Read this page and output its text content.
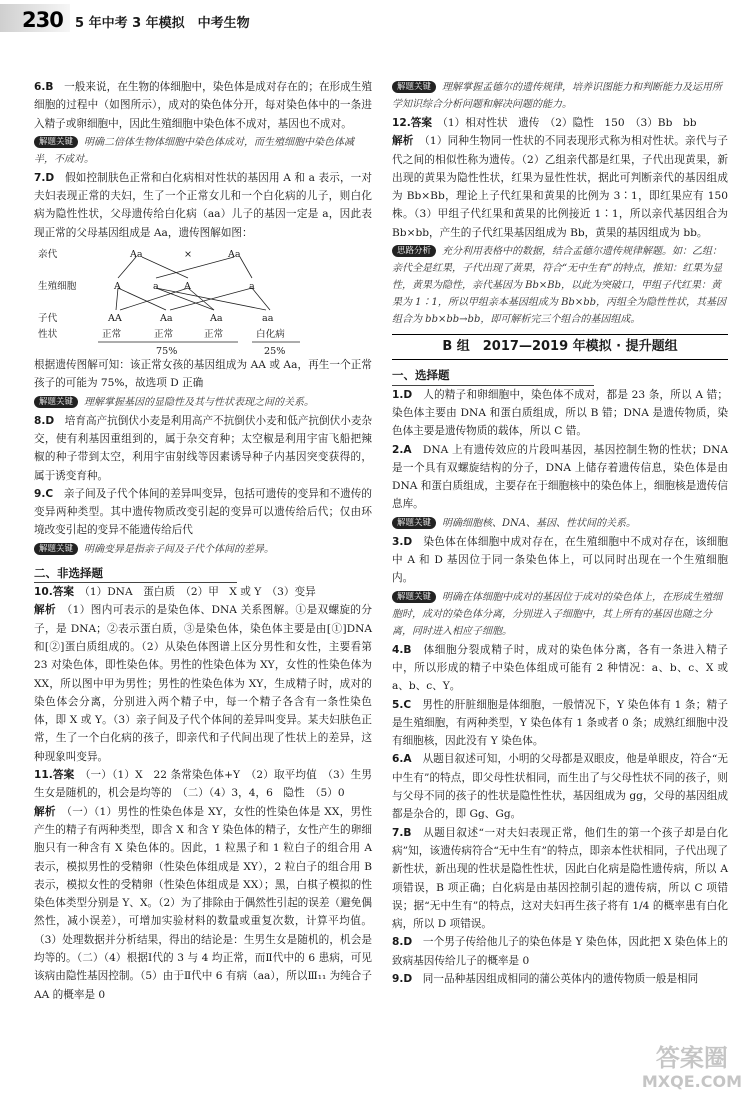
230 5 年中考 3 年模拟　中考生物

6.B　 一般来说，在生物的体细胞中，染色体是成对存在的；在形成生殖细胞的过程中（如图所示），成对的染色体分开，每对染色体中的一条进入精子或卵细胞中，因此生殖细胞中染色体不成对，基因也不成对。

解题关键 明确二倍体生物体细胞中染色体成对，而生殖细胞中染色体减半，不成对。

7.D　 假如控制肤色正常和白化病相对性状的基因用 A 和 a 表示，一对夫妇表现正常的夫妇，生了一个正常女儿和一个白化病的儿子，则白化病为隐性性状，父母遗传给白化病（aa）儿子的基因一定是 a，因此表现正常的父母基因组成是 Aa，遗传图解如图：

亲代	Aa	×	Aa
生殖细胞	A	a	A	a
子代	AA	Aa	Aa	aa
性状	正常	正常	正常	白化病
75%	25%

根据遗传图解可知：该正常女孩的基因组成为 AA 或 Aa，再生一个正常孩子的可能为 75%，故选项 D 正确

解题关键 理解掌握基因的显隐性及其与性状表现之间的关系。

8.D　 培育高产抗倒伏小麦是利用高产不抗倒伏小麦和低产抗倒伏小麦杂交，使有利基因重组到的，属于杂交育种；太空椒是利用宇宙飞船把辣椒的种子带到太空，利用宇宙射线等因素诱导种子内基因突变获得的，属于诱变育种。

9.C　 亲子间及子代个体间的差异叫变异，包括可遗传的变异和不遗传的变异两种类型。其中遗传物质改变引起的变异可以遗传给后代；仅由环境改变引起的变异不能遗传给后代

解题关键 明确变异是指亲子间及子代个体间的差异。

二、非选择题

10.答案　 （1）DNA　蛋白质　（2）甲　X 或 Y　（3）变异

解析　 （1）图内可表示的是染色体、DNA 关系图解。①是双螺旋的分子，是 DNA；②表示蛋白质，③是染色体，染色体主要是由[①]DNA 和[②]蛋白质组成的。（2）从染色体图谱上区分男性和女性，主要看第 23 对染色体，即性染色体。男性的性染色体为 XY，女性的性染色体为 XX，所以图中甲为男性；男性的性染色体为 XY，生成精子时，成对的染色体会分离，分别进入两个精子中，每一个精子各含有一条性染色体，即 X 或 Y。（3）亲子间及子代个体间的差异叫变异。某夫妇肤色正常，生了一个白化病的孩子，即亲代和子代间出现了性状上的差异，这种现象叫变异。

11.答案　 （一）（1）X　22 条常染色体+Y　（2）取平均值　（3）生男生女是随机的，机会是均等的　（二）（4）3，4，6　隐性　（5）0

解析　 （一）（1）男性的性染色体是 XY，女性的性染色体是 XX，男性产生的精子有两种类型，即含 X 和含 Y 染色体的精子，女性产生的卵细胞只有一种含有 X 染色体的。因此，1 粒黑子和 1 粒白子的组合用 A 表示，模拟男性的受精卵（性染色体组成是 XY），2 粒白子的组合用 B 表示，模拟女性的受精卵（性染色体组成是 XX）；黑，白棋子模拟的性染色体类型分别是 Y、X。（2）为了排除由于偶然性引起的误差（避免偶然性，减小误差），可增加实验材料的数量或重复次数，计算平均值。（3）处理数据并分析结果，得出的结论是：生男生女是随机的，机会是均等的。（二）（4）根据Ⅰ代的 3 与 4 均正常，而Ⅱ代中的 6 患病，可见该病由隐性基因控制。（5）由于Ⅱ代中 6 有病（aa），所以Ⅲ₁₁ 为纯合子 AA 的概率是 0

解题关键 理解掌握孟德尔的遗传规律，培养识图能力和判断能力及运用所学知识综合分析问题和解决问题的能力。

12.答案　 （1）相对性状　遗传　（2）隐性　150　（3）Bb　bb

解析　 （1）同种生物同一性状的不同表现形式称为相对性状。亲代与子代之间的相似性称为遗传。（2）乙组亲代都是红果，子代出现黄果，新出现的黄果为隐性性状，红果为显性性状，据此可判断亲代的基因组成为 Bb×Bb，理论上子代红果和黄果的比例为 3∶1，即红果应有 150 株。（3）甲组子代红果和黄果的比例接近 1∶1，所以亲代基因组合为 Bb×bb，产生的子代红果基因组成为 Bb，黄果的基因组成为 bb。

思路分析 充分利用表格中的数据，结合孟德尔遗传规律解题。如：乙组：亲代全是红果，子代出现了黄果，符合“无中生有”的特点，推知：红果为显性，黄果为隐性，亲代基因为 Bb×Bb，以此为突破口，甲组子代红果：黄果为 1∶1，所以甲组亲本基因组成为 Bb×bb，丙组全为隐性性状，其基因组合为 bb×bb→bb，即可解析完三个组合的基因组成。

B 组　2017—2019 年模拟 · 提升题组
一、选择题

1.D　 人的精子和卵细胞中，染色体不成对，都是 23 条，所以 A 错；染色体主要由 DNA 和蛋白质组成，所以 B 错；DNA 是遗传物质，染色体主要是遗传物质的载体，所以 C 错。

2.A　 DNA 上有遗传效应的片段叫基因，基因控制生物的性状；DNA 是一个具有双螺旋结构的分子，DNA 上储存着遗传信息，染色体是由 DNA 和蛋白质组成，主要存在于细胞核中的染色体上，细胞核是遗传信息库。

解题关键 明确细胞核、DNA、基因、性状间的关系。

3.D　 染色体在体细胞中成对存在，在生殖细胞中不成对存在，该细胞中 A 和 D 基因位于同一条染色体上，可以同时出现在一个生殖细胞内。

解题关键 明确在体细胞中成对的基因位于成对的染色体上，在形成生殖细胞时，成对的染色体分离，分别进入子细胞中，其上所有的基因也随之分离，同时进入相应子细胞。

4.B　 体细胞分裂成精子时，成对的染色体分离，各有一条进入精子中，所以形成的精子中染色体组成可能有 2 种情况：a、b、c、X 或 a、b、c、Y。

5.C　 男性的肝脏细胞是体细胞，一般情况下，Y 染色体有 1 条；精子是生殖细胞，有两种类型，Y 染色体有 1 条或者 0 条；成熟红细胞中没有细胞核，因此没有 Y 染色体。

6.A　 从题目叙述可知，小明的父母都是双眼皮，他是单眼皮，符合“无中生有”的特点，即父母性状相同，而生出了与父母性状不同的孩子，则与父母不同的孩子的性状是隐性性状，基因组成为 gg，父母的基因组成都是杂合的，即 Gg、Gg。

7.B　 从题目叙述“一对夫妇表现正常，他们生的第一个孩子却是白化病”知，该遗传病符合“无中生有”的特点，即亲本性状相同，子代出现了新性状，新出现的性状是隐性性状，因此白化病是隐性遗传病，所以 A 项错误，B 项正确；白化病是由基因控制引起的遗传病，所以 C 项错误；据“无中生有”的特点，这对夫妇再生孩子将有 1/4 的概率患有白化病，所以 D 项错误。

8.D　 一个男子传给他儿子的染色体是 Y 染色体，因此把 X 染色体上的致病基因传给儿子的概率是 0

9.D　 同一品种基因组成相同的蒲公英体内的遗传物质一般是相同

答案圈
MXQE.COM
